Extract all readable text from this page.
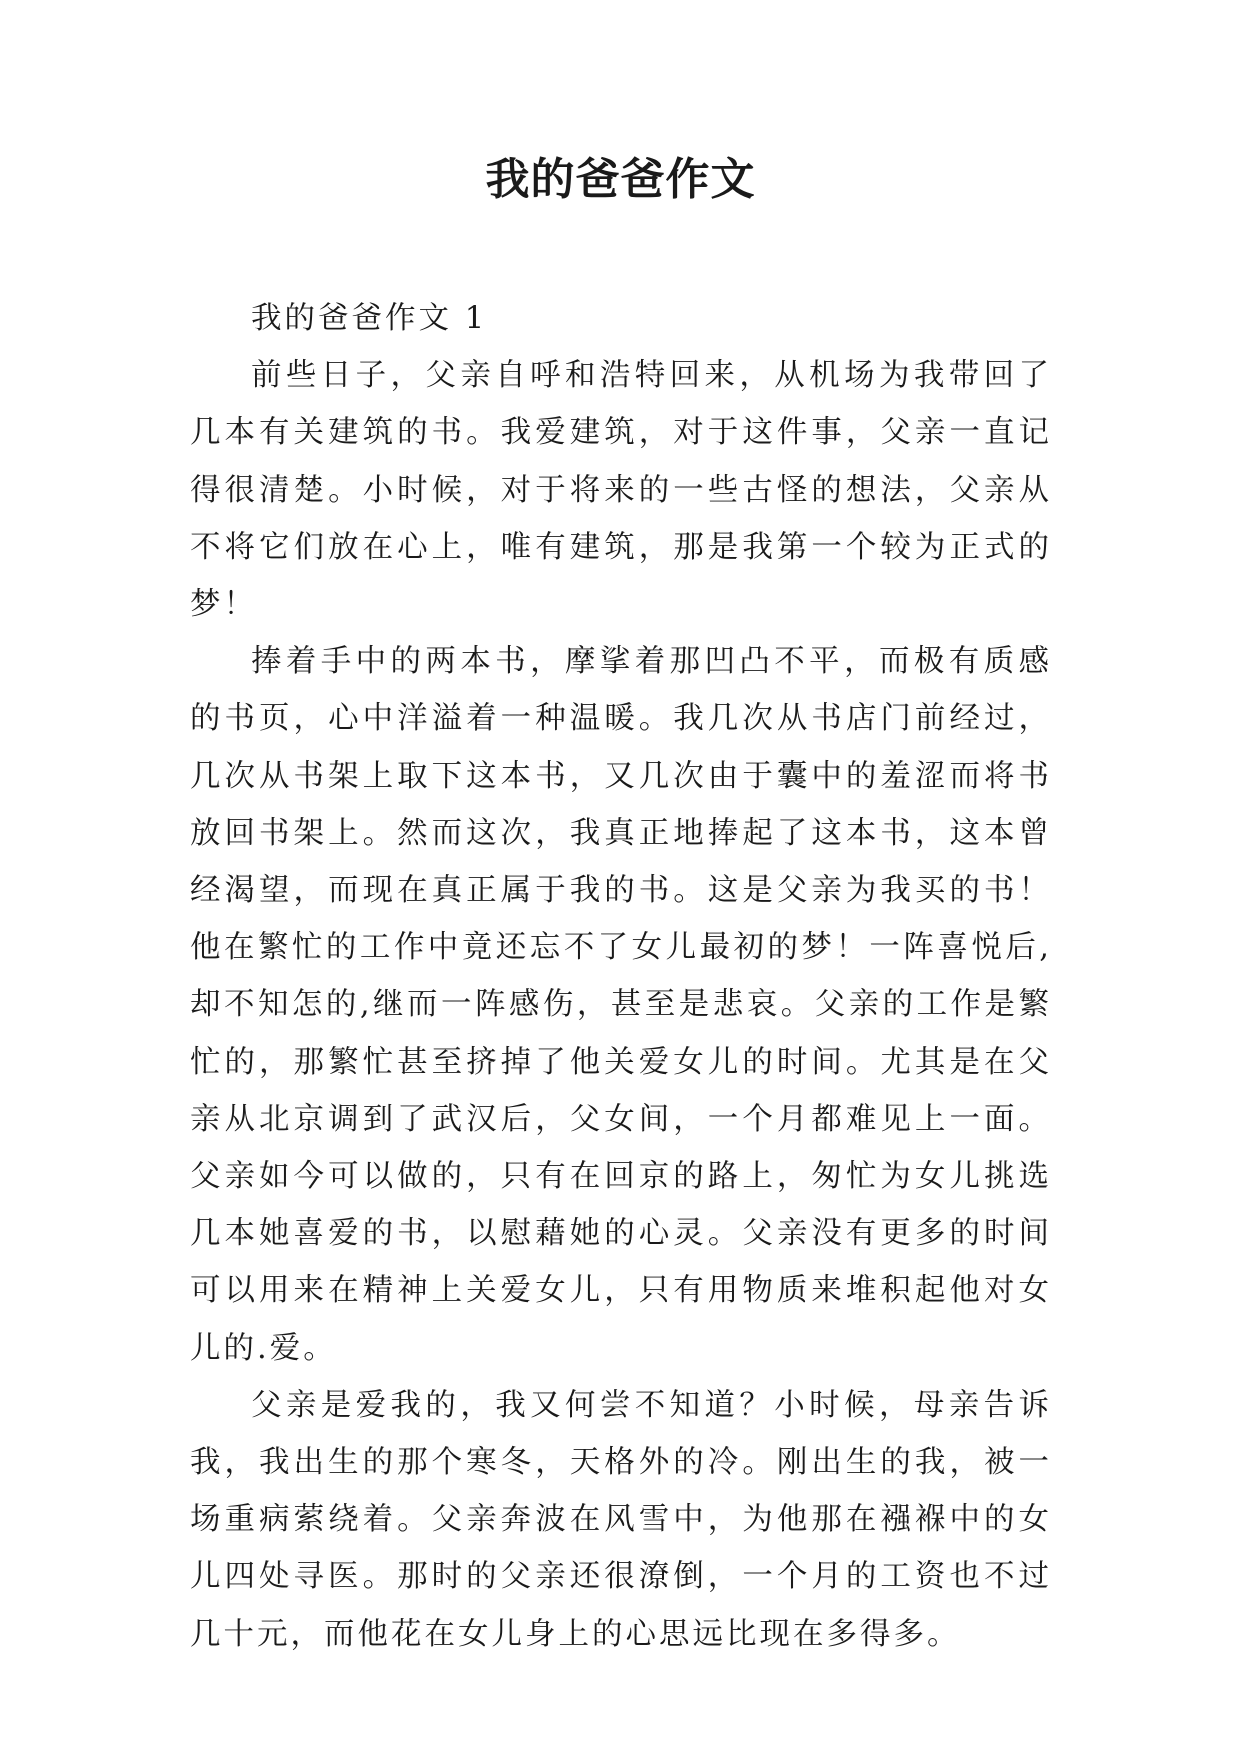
我的爸爸作文

我的爸爸作文 1

前些日子，父亲自呼和浩特回来，从机场为我带回了几本有关建筑的书。我爱建筑，对于这件事，父亲一直记得很清楚。小时候，对于将来的一些古怪的想法，父亲从不将它们放在心上，唯有建筑，那是我第一个较为正式的梦！

捧着手中的两本书，摩挲着那凹凸不平，而极有质感的书页，心中洋溢着一种温暖。我几次从书店门前经过，几次从书架上取下这本书，又几次由于囊中的羞涩而将书放回书架上。然而这次，我真正地捧起了这本书，这本曾经渴望，而现在真正属于我的书。这是父亲为我买的书！他在繁忙的工作中竟还忘不了女儿最初的梦！一阵喜悦后,却不知怎的,继而一阵感伤，甚至是悲哀。父亲的工作是繁忙的，那繁忙甚至挤掉了他关爱女儿的时间。尤其是在父亲从北京调到了武汉后，父女间，一个月都难见上一面。父亲如今可以做的，只有在回京的路上，匆忙为女儿挑选几本她喜爱的书，以慰藉她的心灵。父亲没有更多的时间可以用来在精神上关爱女儿，只有用物质来堆积起他对女儿的.爱。

父亲是爱我的，我又何尝不知道？小时候，母亲告诉我，我出生的那个寒冬，天格外的冷。刚出生的我，被一场重病萦绕着。父亲奔波在风雪中，为他那在襁褓中的女儿四处寻医。那时的父亲还很潦倒，一个月的工资也不过几十元，而他花在女儿身上的心思远比现在多得多。
